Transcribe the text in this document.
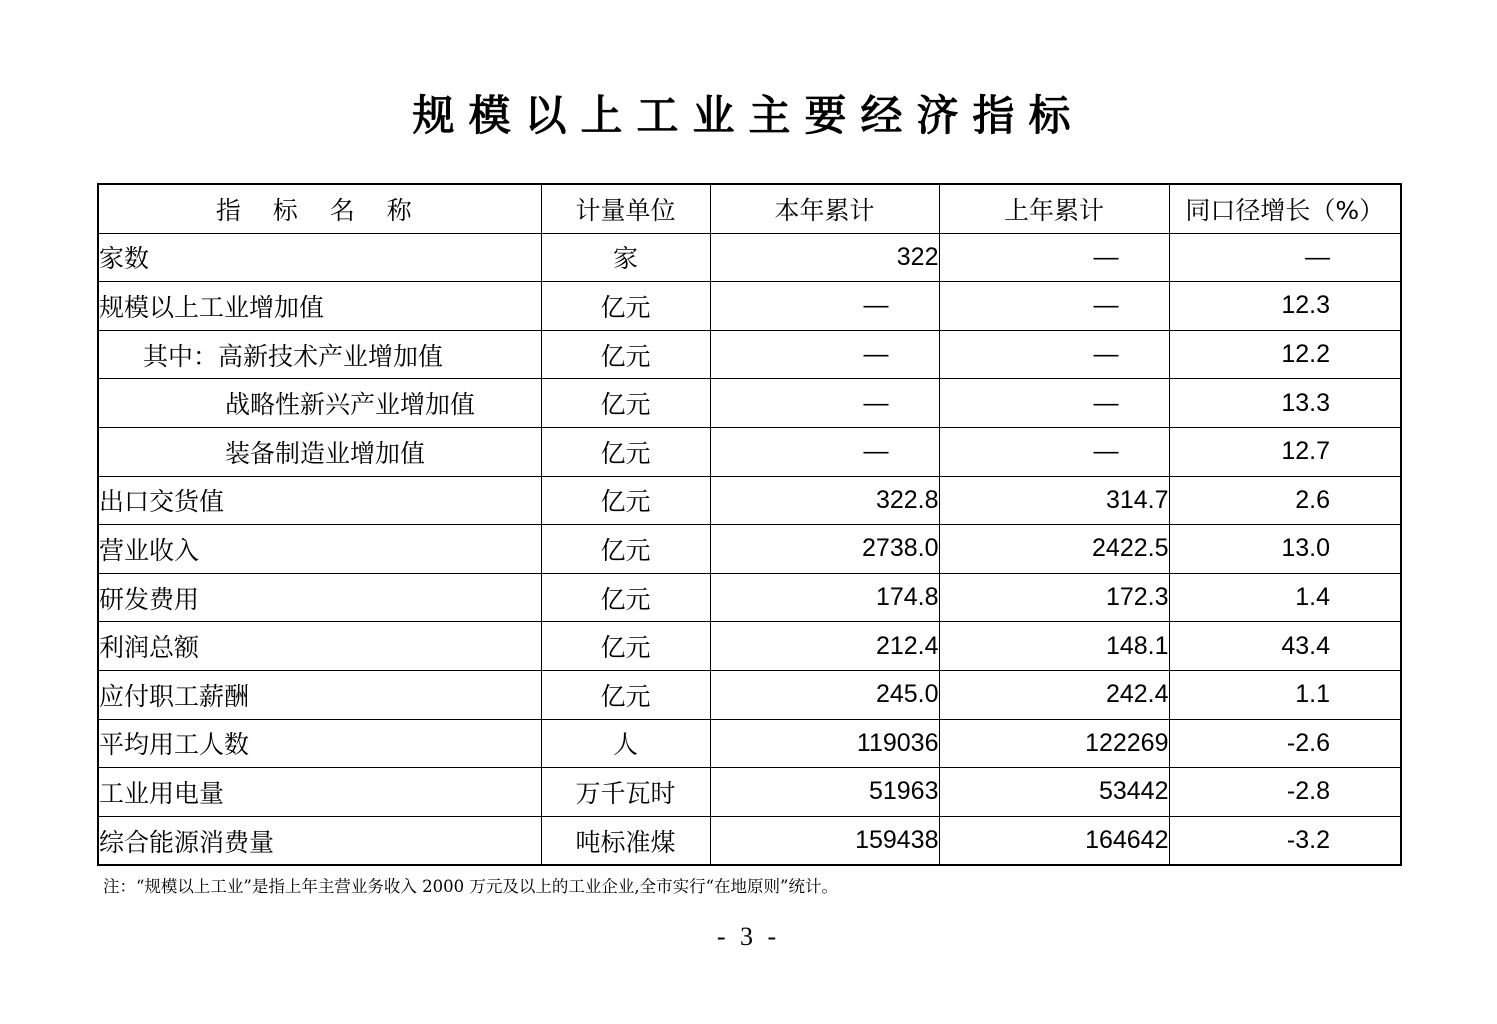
规模以上工业主要经济指标
指 标 名 称	计量单位	本年累计	上年累计	同口径增长（%）
家数	家	322	—	—
规模以上工业增加值	亿元	—	—	12.3
其中：高新技术产业增加值	亿元	—	—	12.2
战略性新兴产业增加值	亿元	—	—	13.3
装备制造业增加值	亿元	—	—	12.7
出口交货值	亿元	322.8	314.7	2.6
营业收入	亿元	2738.0	2422.5	13.0
研发费用	亿元	174.8	172.3	1.4
利润总额	亿元	212.4	148.1	43.4
应付职工薪酬	亿元	245.0	242.4	1.1
平均用工人数	人	119036	122269	-2.6
工业用电量	万千瓦时	51963	53442	-2.8
综合能源消费量	吨标准煤	159438	164642	-3.2
注：“规模以上工业”是指上年主营业务收入 2000 万元及以上的工业企业,全市实行“在地原则”统计。
- 3 -
